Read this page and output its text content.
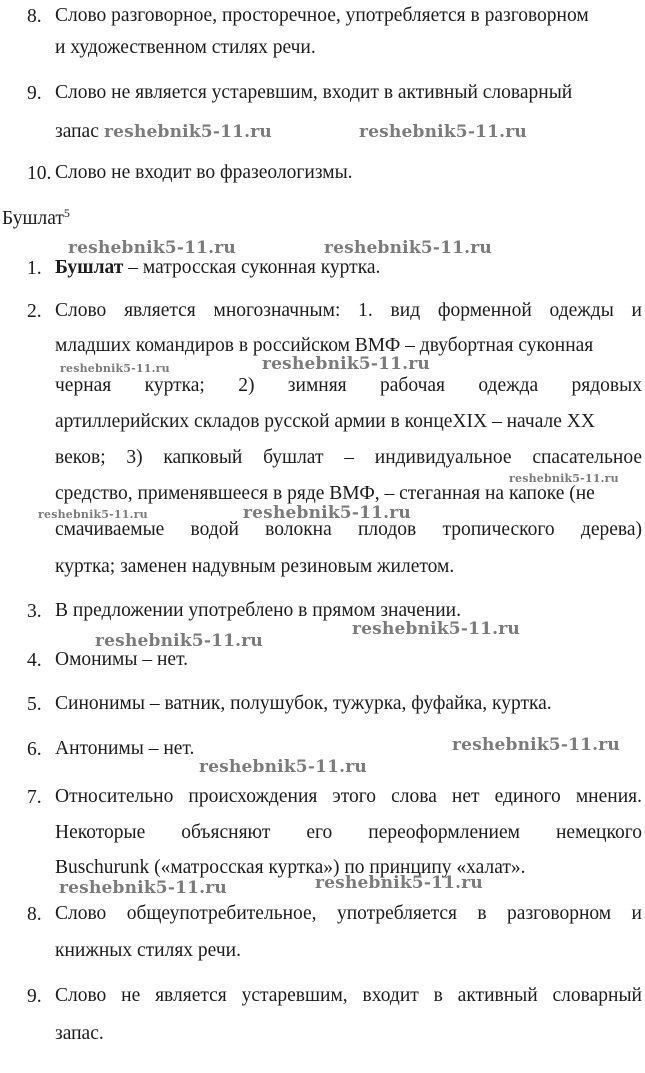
8. Слово разговорное, просторечное, употребляется в разговорном
и художественном стилях речи.
9. Слово не является устаревшим, входит в активный словарный
запас
10. Слово не входит во фразеологизмы.
Бушлат$^5$
1. Бушлат – матросская суконная куртка.
2. Слово является многозначным: 1. вид форменной одежды и
младших командиров в российском ВМФ – двубортная суконная
черная куртка; 2) зимняя рабочая одежда рядовых
артиллерийских складов русской армии в концеXIX – начале XX
веков; 3) капковый бушлат – индивидуальное спасательное
средство, применявшееся в ряде ВМФ, – стеганная на капоке (не
смачиваемые водой волокна плодов тропического дерева)
куртка; заменен надувным резиновым жилетом.
3. В предложении употреблено в прямом значении.
4. Омонимы – нет.
5. Синонимы – ватник, полушубок, тужурка, фуфайка, куртка.
6. Антонимы – нет.
7. Относительно происхождения этого слова нет единого мнения.
Некоторые объясняют его переоформлением немецкого
Buschurunk («матросская куртка») по принципу «халат».
8. Слово общеупотребительное, употребляется в разговорном и
книжных стилях речи.
9. Слово не является устаревшим, входит в активный словарный
запас.
reshebnik5-11.ru	reshebnik5-11.ru
reshebnik5-11.ru	reshebnik5-11.ru
reshebnik5-11.ru
reshebnik5-11.ru
reshebnik5-11.ru
reshebnik5-11.ru	reshebnik5-11.ru
reshebnik5-11.ru
reshebnik5-11.ru
reshebnik5-11.ru
reshebnik5-11.ru
reshebnik5-11.ru	reshebnik5-11.ru
